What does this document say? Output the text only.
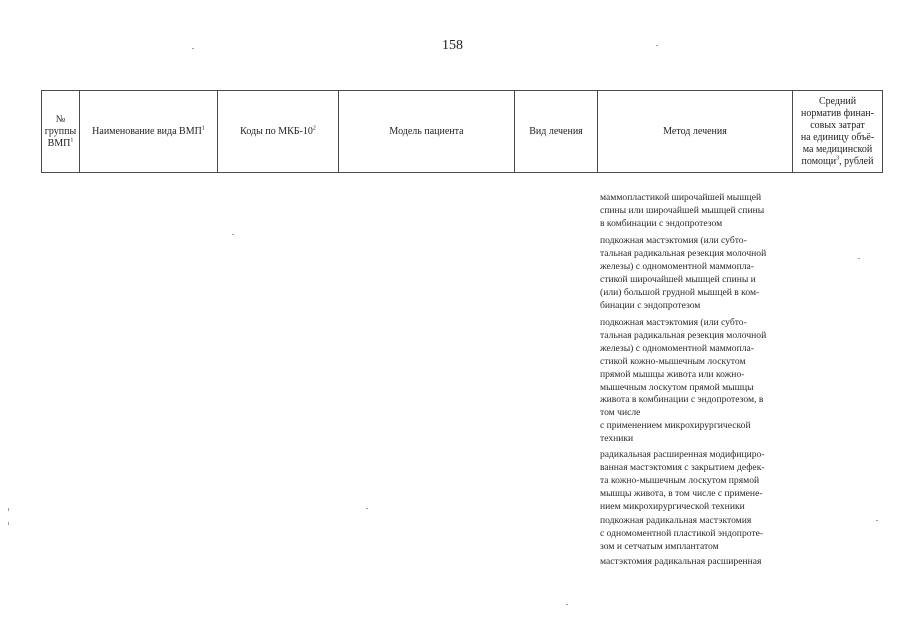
158
№
группы
ВМП$^1$	Наименование вида ВМП$^1$	Коды по МКБ-$10^2$	Модель пациента	Вид лечения	Метод лечения	Средний
норматив финан-
совых затрат
на единицу объё-
ма медицинской
помощи$^3$, рублей
маммопластикой широчайшей мышцей
спины или широчайшей мышцей спины
в комбинации с эндопротезом
подкожная мастэктомия (или субто-
тальная радикальная резекция молочной
железы) с одномоментной маммопла-
стикой широчайшей мышцей спины и
(или) большой грудной мышцей в ком-
бинации с эндопротезом
подкожная мастэктомия (или субто-
тальная радикальная резекция молочной
железы) с одномоментной маммопла-
стикой кожно-мышечным лоскутом
прямой мышцы живота или кожно-
мышечным лоскутом прямой мышцы
живота в комбинации с эндопротезом, в
том числе
с применением микрохирургической
техники
радикальная расширенная модифициро-
ванная мастэктомия с закрытием дефек-
та кожно-мышечным лоскутом прямой
мышцы живота, в том числе с примене-
нием микрохирургической техники
подкожная радикальная мастэктомия
с одномоментной пластикой эндопроте-
зом и сетчатым имплантатом
мастэктомия радикальная расширенная
